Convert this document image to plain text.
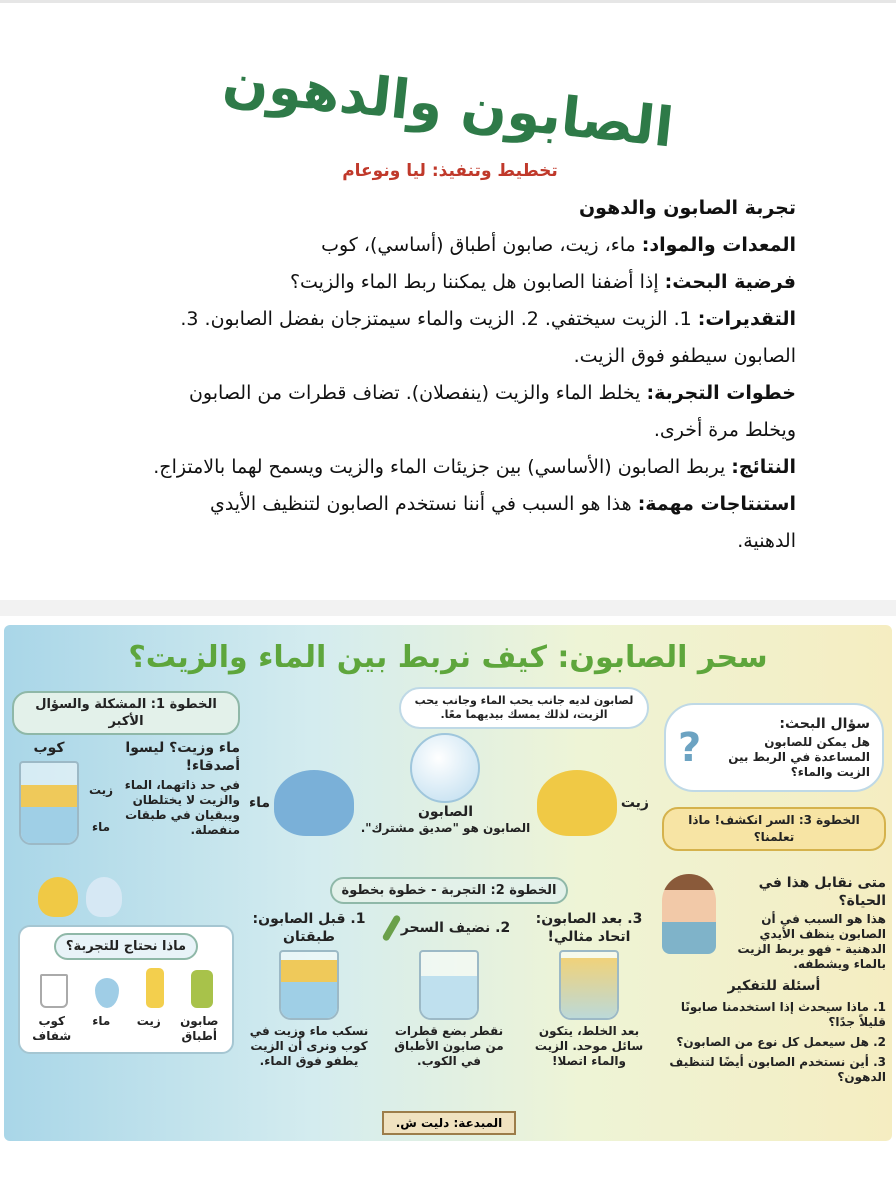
الصابون والدهون
تخطيط وتنفيذ: ليا ونوعام
تجربة الصابون والدهون
المعدات والمواد: ماء، زيت، صابون أطباق (أساسي)، كوب
فرضية البحث: إذا أضفنا الصابون هل يمكننا ربط الماء والزيت؟
التقديرات: 1. الزيت سيختفي. 2. الزيت والماء سيمتزجان بفضل الصابون. 3. الصابون سيطفو فوق الزيت.
خطوات التجربة: يخلط الماء والزيت (ينفصلان). تضاف قطرات من الصابون ويخلط مرة أخرى.
النتائج: يربط الصابون (الأساسي) بين جزيئات الماء والزيت ويسمح لهما بالامتزاج.
استنتاجات مهمة: هذا هو السبب في أننا نستخدم الصابون لتنظيف الأيدي الدهنية.
سحر الصابون: كيف نربط بين الماء والزيت؟
الخطوة 1: المشكلة والسؤال الأكبر
ماء وزيت؟ ليسوا أصدقاء!
في حد ذاتهما، الماء والزيت لا يختلطان ويبقيان في طبقات منفصلة.
زيت
ماء
كوب
لصابون لديه جانب يحب الماء وجانب يحب الزيت، لذلك يمسك بيديهما معًا.
زيت
الصابون
الصابون هو "صديق مشترك".
ماء
سؤال البحث:
هل يمكن للصابون المساعدة في الربط بين الزيت والماء؟
?
ماذا نحتاج للتجربة؟
صابون أطباق
زيت
ماء
كوب شفاف
الخطوة 2: التجربة - خطوة بخطوة
3. بعد الصابون: اتحاد مثالي!
بعد الخلط، يتكون سائل موحد. الزيت والماء اتصلا!
2. نضيف السحر
نقطر بضع قطرات من صابون الأطباق في الكوب.
1. قبل الصابون: طبقتان
نسكب ماء وزيت في كوب ونرى أن الزيت يطفو فوق الماء.
المبدعة: دليت ش.
الخطوة 3: السر انكشف! ماذا تعلمنا؟
متى نقابل هذا في الحياة؟
هذا هو السبب في أن الصابون ينظف الأيدي الدهنية - فهو يربط الزيت بالماء ويشطفه.
أسئلة للتفكير
1. ماذا سيحدث إذا استخدمنا صابونًا قليلاً جدًا؟
2. هل سيعمل كل نوع من الصابون؟
3. أين نستخدم الصابون أيضًا لتنظيف الدهون؟
